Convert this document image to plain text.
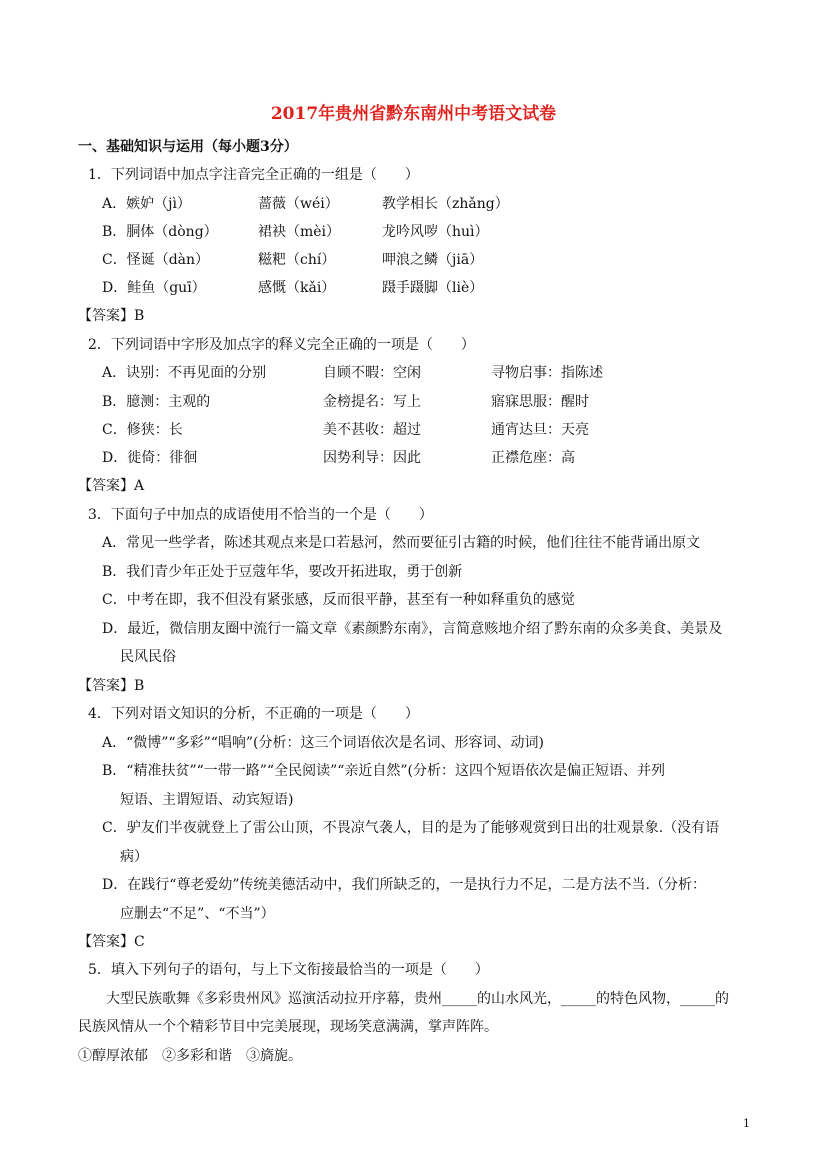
2017年贵州省黔东南州中考语文试卷
一、基础知识与运用（每小题3分）
1．下列词语中加点字注音完全正确的一组是（　　）
A．嫉妒（jì）	蔷薇（wéi）	教学相长（zhǎng）
B．胴体（dòng）	裙袂（mèi）	龙吟风哕（huì）
C．怪诞（dàn）	糍粑（chí）	呷浪之鳞（jiā）
D．鲑鱼（guī）	感慨（kǎi）	蹑手蹑脚（liè）
【答案】B
2．下列词语中字形及加点字的释义完全正确的一项是（　　）
A．诀别：不再见面的分别	自顾不暇：空闲	寻物启事：指陈述
B．臆测：主观的	金榜提名：写上	寤寐思服：醒时
C．修狭：长	美不甚收：超过	通宵达旦：天亮
D．徙倚：徘徊	因势利导：因此	正襟危座：高
【答案】A
3．下面句子中加点的成语使用不恰当的一个是（　　）
A．常见一些学者，陈述其观点来是口若悬河，然而要征引古籍的时候，他们往往不能背诵出原文
B．我们青少年正处于豆蔻年华，要改开拓进取，勇于创新
C．中考在即，我不但没有紧张感，反而很平静，甚至有一种如释重负的感觉
D．最近，微信朋友圈中流行一篇文章《素颜黔东南》，言简意赅地介绍了黔东南的众多美食、美景及
民风民俗
【答案】B
4．下列对语文知识的分析，不正确的一项是（　　）
A．“微博”“多彩”“唱响”(分析：这三个词语依次是名词、形容词、动词)
B．“精准扶贫”“一带一路”“全民阅读”“亲近自然”(分析：这四个短语依次是偏正短语、并列
短语、主谓短语、动宾短语)
C．驴友们半夜就登上了雷公山顶，不畏凉气袭人，目的是为了能够观赏到日出的壮观景象.（没有语
病）
D．在践行“尊老爱幼”传统美德活动中，我们所缺乏的，一是执行力不足，二是方法不当.（分析：
应删去“不足”、“不当”）
【答案】C
5．填入下列句子的语句，与上下文衔接最恰当的一项是（　　）
大型民族歌舞《多彩贵州风》巡演活动拉开序幕，贵州_____的山水风光，_____的特色风物，_____的
民族风情从一个个精彩节目中完美展现，现场笑意满满，掌声阵阵。
①醇厚浓郁　②多彩和谐　③旖旎。
1
